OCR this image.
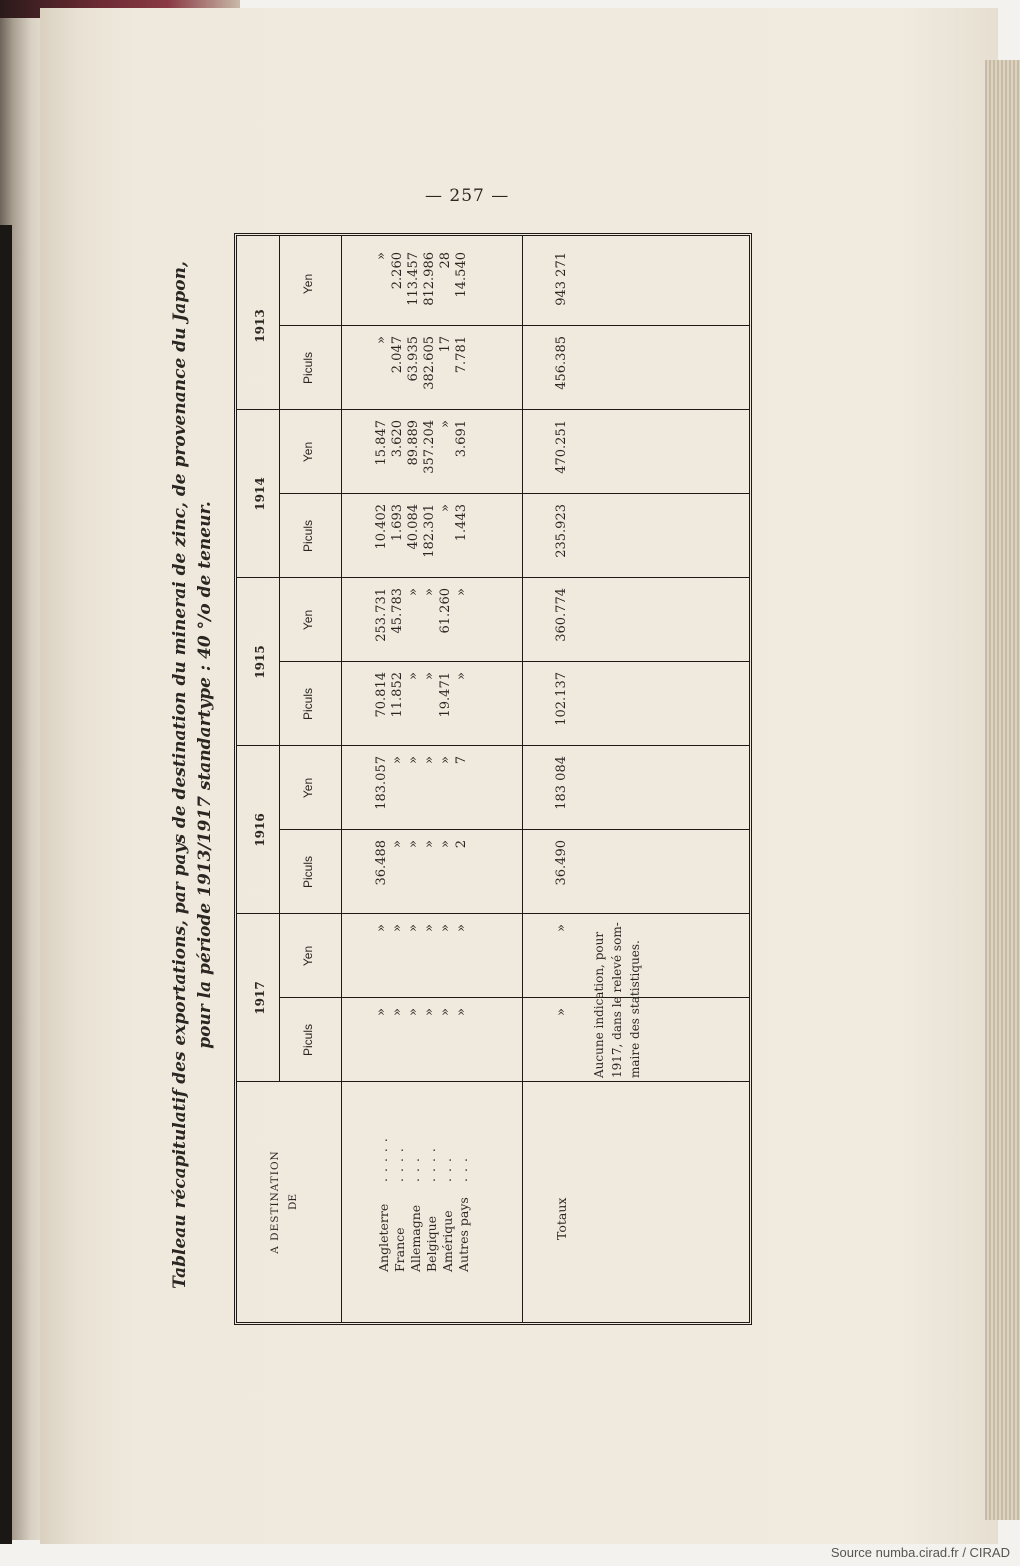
— 257 —
Tableau récapitulatif des exportations, par pays de destination du minerai de zinc, de provenance du Japon, pour la période 1913/1917 standartype : 40 °/o de teneur.
A DESTINATION DE
1917
Piculs
Yen
1916
Piculs
Yen
1915
Piculs
Yen
1914
Piculs
Yen
1913
Piculs
Yen
Angleterre France Allemagne Belgique Amérique Autres pays
.....
....
...
....
...
...
» » » » » »
» » » » » »
36.488 » » » » 2
183.057 » » » » 7
70.814 11.852 » » 19.471 »
253.731 45.783 » » 61.260 »
10.402 1.693 40.084 182.301 » 1.443
15.847 3.620 89.889 357.204 » 3.691
» 2.047 63.935 382.605 17 7.781
» 2.260 113.457 812.986 28 14.540
Totaux
»
»
36.490
183 084
102.137
360.774
235.923
470.251
456.385
943 271
Aucune indication, pour 1917, dans le relevé som- maire des statistiques.
Source numba.cirad.fr / CIRAD
